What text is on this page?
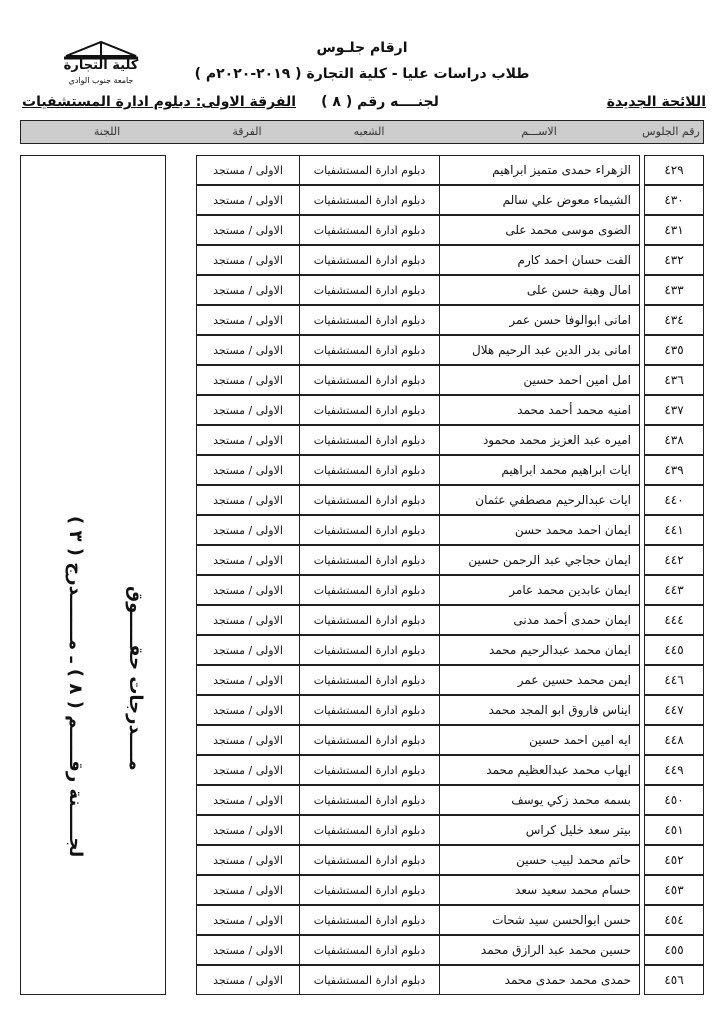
كلية التجارة
جامعة جنوب الوادي
ارقام جلـوس
طلاب دراسات عليا - كلية التجارة ( ٢٠١٩-٢٠٢٠م )
اللائحة الجديدة
لجنــــه رقم ( ٨ )
الفرقة الاولى: دبلوم ادارة المستشفيات
رقم الجلوس
الاســـم
الشعبه
الفرقة
اللجنة
٤٢٩
الزهراء حمدى متميز ابراهيم
دبلوم ادارة المستشفيات
الاولى / مستجد
٤٣٠
الشيماء معوض علي سالم
دبلوم ادارة المستشفيات
الاولى / مستجد
٤٣١
الضوى موسى محمد على
دبلوم ادارة المستشفيات
الاولى / مستجد
٤٣٢
الفت حسان احمد كارم
دبلوم ادارة المستشفيات
الاولى / مستجد
٤٣٣
امال وهبة حسن على
دبلوم ادارة المستشفيات
الاولى / مستجد
٤٣٤
امانى ابوالوفا حسن عمر
دبلوم ادارة المستشفيات
الاولى / مستجد
٤٣٥
امانى بدر الدين عبد الرحيم هلال
دبلوم ادارة المستشفيات
الاولى / مستجد
٤٣٦
امل امين احمد حسين
دبلوم ادارة المستشفيات
الاولى / مستجد
٤٣٧
امنيه محمد أحمد محمد
دبلوم ادارة المستشفيات
الاولى / مستجد
٤٣٨
اميره عبد العزيز محمد محمود
دبلوم ادارة المستشفيات
الاولى / مستجد
٤٣٩
ايات ابراهيم محمد ابراهيم
دبلوم ادارة المستشفيات
الاولى / مستجد
٤٤٠
ايات عبدالرحيم مصطفي عثمان
دبلوم ادارة المستشفيات
الاولى / مستجد
٤٤١
ايمان احمد محمد حسن
دبلوم ادارة المستشفيات
الاولى / مستجد
٤٤٢
ايمان حجاجي عبد الرحمن حسين
دبلوم ادارة المستشفيات
الاولى / مستجد
٤٤٣
ايمان عابدين محمد عامر
دبلوم ادارة المستشفيات
الاولى / مستجد
٤٤٤
ايمان حمدى أحمد مدنى
دبلوم ادارة المستشفيات
الاولى / مستجد
٤٤٥
ايمان محمد عبدالرحيم محمد
دبلوم ادارة المستشفيات
الاولى / مستجد
٤٤٦
ايمن محمد حسين عمر
دبلوم ادارة المستشفيات
الاولى / مستجد
٤٤٧
ايناس فاروق ابو المجد محمد
دبلوم ادارة المستشفيات
الاولى / مستجد
٤٤٨
ايه امين احمد حسين
دبلوم ادارة المستشفيات
الاولى / مستجد
٤٤٩
ايهاب محمد عبدالعظيم محمد
دبلوم ادارة المستشفيات
الاولى / مستجد
٤٥٠
بسمه محمد زكي يوسف
دبلوم ادارة المستشفيات
الاولى / مستجد
٤٥١
بيتر سعد خليل كراس
دبلوم ادارة المستشفيات
الاولى / مستجد
٤٥٢
حاتم محمد لبيب حسين
دبلوم ادارة المستشفيات
الاولى / مستجد
٤٥٣
حسام محمد سعيد سعد
دبلوم ادارة المستشفيات
الاولى / مستجد
٤٥٤
حسن ابوالحسن سيد شحات
دبلوم ادارة المستشفيات
الاولى / مستجد
٤٥٥
حسين محمد عبد الرازق محمد
دبلوم ادارة المستشفيات
الاولى / مستجد
٤٥٦
حمدى محمد حمدى محمد
دبلوم ادارة المستشفيات
الاولى / مستجد
لجـــــنة رقـــــم ( ٨ ) ـ مـــــــدرج ( ٣ )
مــــدرجات حقـــــوق
